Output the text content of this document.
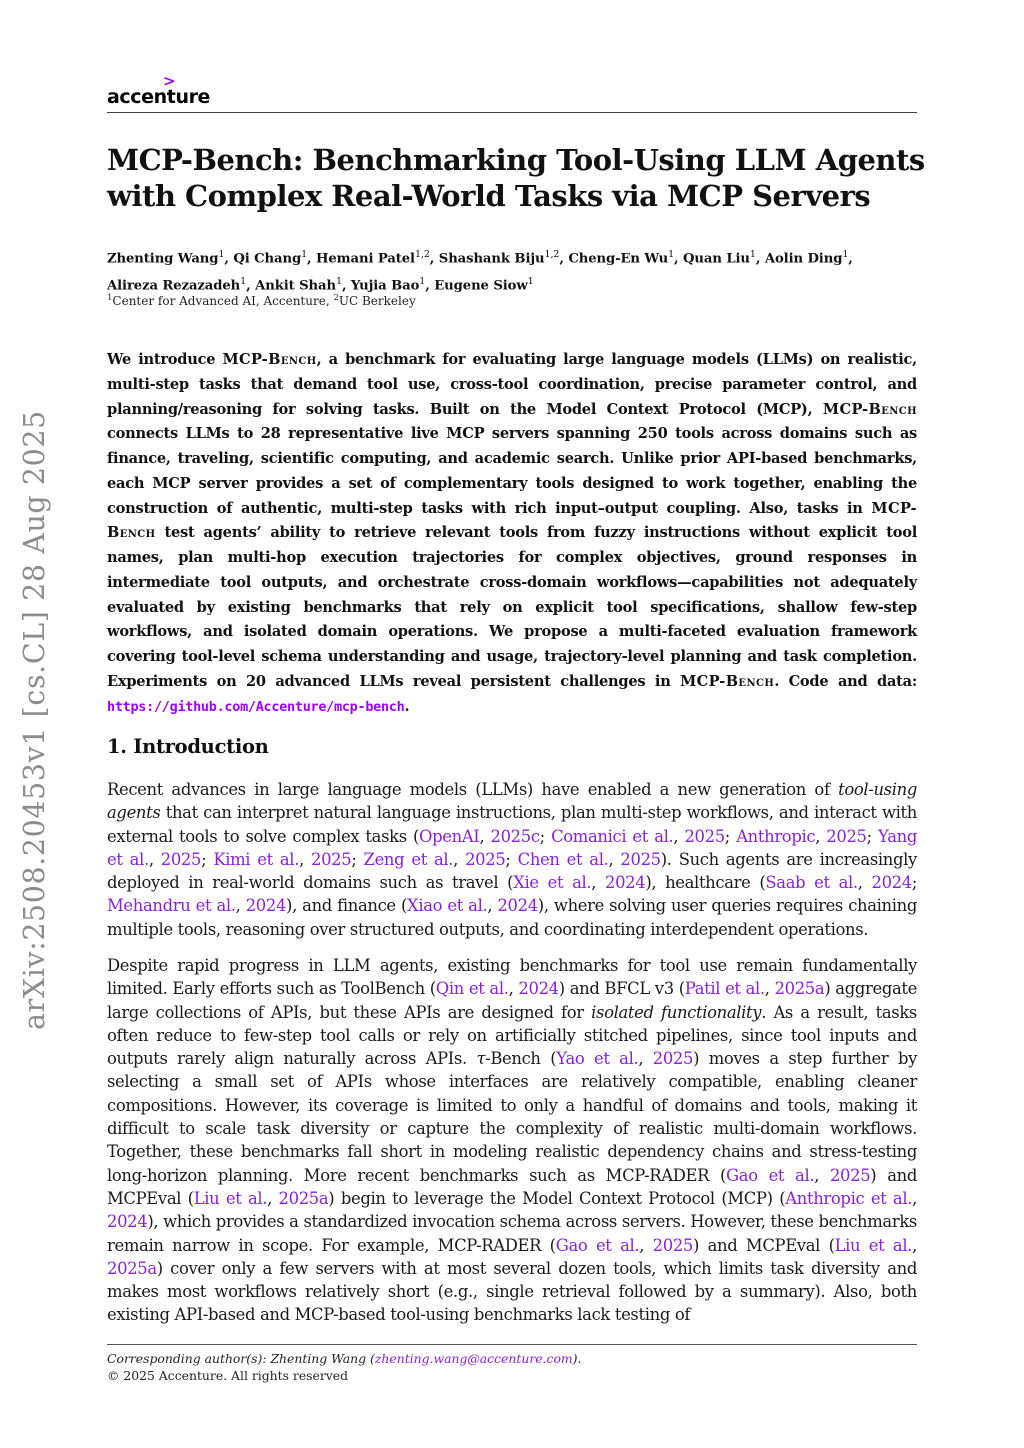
>
accenture
MCP-Bench: Benchmarking Tool-Using LLM Agents with Complex Real-World Tasks via MCP Servers
Zhenting Wang$^1$, Qi Chang$^1$, Hemani Patel$^{1,2}$, Shashank Biju$^{1,2}$, Cheng-En Wu$^1$, Quan Liu$^1$, Aolin Ding$^1$,
Alireza Rezazadeh$^1$, Ankit Shah$^1$, Yujia Bao$^1$, Eugene Siow$^1$
$^1$Center for Advanced AI, Accenture, $^2$UC Berkeley

We introduce MCP-Bench, a benchmark for evaluating large language models (LLMs) on realistic, multi-step tasks that demand tool use, cross-tool coordination, precise parameter control, and planning/reasoning for solving tasks. Built on the Model Context Protocol (MCP), MCP-Bench connects LLMs to 28 representative live MCP servers spanning 250 tools across domains such as finance, traveling, scientific computing, and academic search. Unlike prior API-based benchmarks, each MCP server provides a set of complementary tools designed to work together, enabling the construction of authentic, multi-step tasks with rich input–output coupling. Also, tasks in MCP-Bench test agents’ ability to retrieve relevant tools from fuzzy instructions without explicit tool names, plan multi-hop execution trajectories for complex objectives, ground responses in intermediate tool outputs, and orchestrate cross-domain workflows—capabilities not adequately evaluated by existing benchmarks that rely on explicit tool specifications, shallow few-step workflows, and isolated domain operations. We propose a multi-faceted evaluation framework covering tool-level schema understanding and usage, trajectory-level planning and task completion. Experiments on 20 advanced LLMs reveal persistent challenges in MCP-Bench. Code and data: https://github.com/Accenture/mcp-bench.

1. Introduction

Recent advances in large language models (LLMs) have enabled a new generation of tool-using agents that can interpret natural language instructions, plan multi-step workflows, and interact with external tools to solve complex tasks (OpenAI, 2025c; Comanici et al., 2025; Anthropic, 2025; Yang et al., 2025; Kimi et al., 2025; Zeng et al., 2025; Chen et al., 2025). Such agents are increasingly deployed in real-world domains such as travel (Xie et al., 2024), healthcare (Saab et al., 2024; Mehandru et al., 2024), and finance (Xiao et al., 2024), where solving user queries requires chaining multiple tools, reasoning over structured outputs, and coordinating interdependent operations.

Despite rapid progress in LLM agents, existing benchmarks for tool use remain fundamentally limited. Early efforts such as ToolBench (Qin et al., 2024) and BFCL v3 (Patil et al., 2025a) aggregate large collections of APIs, but these APIs are designed for isolated functionality. As a result, tasks often reduce to few-step tool calls or rely on artificially stitched pipelines, since tool inputs and outputs rarely align naturally across APIs. τ-Bench (Yao et al., 2025) moves a step further by selecting a small set of APIs whose interfaces are relatively compatible, enabling cleaner compositions. However, its coverage is limited to only a handful of domains and tools, making it difficult to scale task diversity or capture the complexity of realistic multi-domain workflows. Together, these benchmarks fall short in modeling realistic dependency chains and stress-testing long-horizon planning. More recent benchmarks such as MCP-RADER (Gao et al., 2025) and MCPEval (Liu et al., 2025a) begin to leverage the Model Context Protocol (MCP) (Anthropic et al., 2024), which provides a standardized invocation schema across servers. However, these benchmarks remain narrow in scope. For example, MCP-RADER (Gao et al., 2025) and MCPEval (Liu et al., 2025a) cover only a few servers with at most several dozen tools, which limits task diversity and makes most workflows relatively short (e.g., single retrieval followed by a summary). Also, both existing API-based and MCP-based tool-using benchmarks lack testing of

arXiv:2508.20453v1 [cs.CL] 28 Aug 2025
Corresponding author(s): Zhenting Wang (zhenting.wang@accenture.com).
© 2025 Accenture. All rights reserved
